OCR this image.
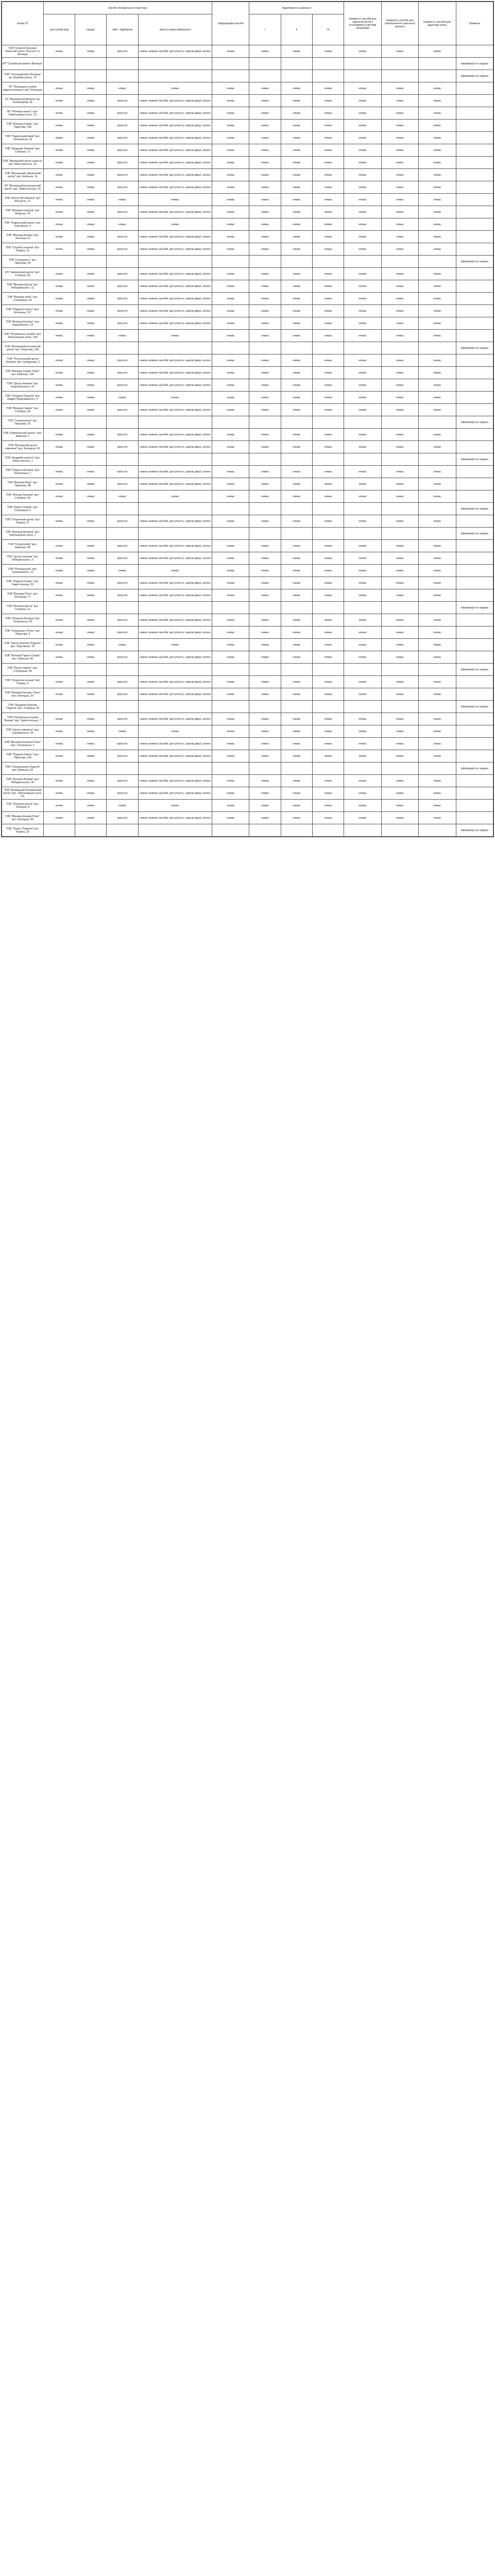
Назва ЗГ	Засоби безбар'єрного простору				Інформаційні засоби	Адаптивність навчання			Наявність засобів для навчання дітей з особливими освітніми потребами	Наявність засобів для забезпечення освітнього процесу	Наявність засобів для адаптації класу	Примітки
	доступний вхід	пандус	ліфт / підйомник	пристосована вбиральня		І	ІІ	ІІІ				
ТОВ "Інтертех Безпека" Захисний салон "Бастіон" м. Вінниця	немає	немає	присутні	немає наявних засобів: доступність, широкі двері, шляхи	немає	немає	немає	немає	немає	немає	немає	
КП "Служба рятування Вінниця"												інформація не надана
ТОВ "Технокомплект Вінниця" пр. Коцюбинського, 70												інформація не надана
КП "Вінницька служба водопостачання" вул. Келецька	немає	немає	немає	немає	немає	немає	немає	немає	немає	немає	немає	
ОЗ "Вінниця рятувальна" пр. Космонавтів, 36	немає	немає	присутні	немає наявних засобів: доступність, широкі двері, шляхи	немає	немає	немає	немає	немає	немає	немає	
ВЛ "Вінниця-захист" вул. Хмельницьке шосе, 13	немає	немає	присутні	немає наявних засобів: доступність, широкі двері, шляхи	немає	немає	немає	немає	немає	немає	немає	
ТОВ "Вінниця-Сервіс" вул. Пирогова, 108	немає	немає	присутні	немає наявних засобів: доступність, широкі двері, шляхи	немає	немає	немає	немає	немає	немає	немає	
ТОВ "Подільський край" вул. Театральна, 19	немає	немає	присутні	немає наявних засобів: доступність, широкі двері, шляхи	немає	немає	немає	немає	немає	немає	немає	
ТОВ "Академія безпеки" вул. Соборна, 72	немає	немає	присутні	немає наявних засобів: доступність, широкі двері, шляхи	немає	немає	немає	немає	немає	немає	немає	
ТОВ "Вінницький центр захисту" вул. Магістратська, 15	немає	немає	присутні	немає наявних засобів: доступність, широкі двері, шляхи	немає	немає	немає	немає	немає	немає	немає	
ТОВ "Вінницький навчальний центр" вул. Київська, 14	немає	немає	присутні	немає наявних засобів: доступність, широкі двері, шляхи	немає	немає	немає	немає	немає	немає	немає	
КП "Вінницький регіональний центр" вул. Замостянська, 25	немає	немає	присутні	немає наявних засобів: доступність, широкі двері, шляхи	немає	немає	немає	немає	немає	немає	немає	
ТОВ "Агентство безпеки" вул. 600-річчя, 21	немає	немає	немає	немає	немає	немає	немає	немає	немає	немає	немає	
ТОВ "Вінниця-охорона" вул. Київська, 78	немає	немає	присутні	немає наявних засобів: доступність, широкі двері, шляхи	немає	немає	немає	немає	немає	немає	немає	
ТОВ "Подільський центр" вул. Чорновола, 4	немає	немає	немає	немає	немає	немає	немає	немає	немає	немає	немає	
ТОВ "Вінниця-Альфа" вул. Батозька, 8	немає	немає	присутні	немає наявних засобів: доступність, широкі двері, шляхи	немає	немає	немає	немає	немає	немає	немає	
ТОВ "Служба охорони" вул. Порика, 19	немає	немає	присутні	немає наявних засобів: доступність, широкі двері, шляхи	немає	немає	немає	немає	немає	немає	немає	
ТОВ "Спецзахист" вул. Пирогова, 55												інформація не надана
КП "Навчальний центр" вул. Соборна, 56	немає	немає	присутні	немає наявних засобів: доступність, широкі двері, шляхи	немає	немає	немає	немає	немає	немає	немає	
ТОВ "Вінниця-Центр" вул. Лебединського, 11	немає	немає	присутні	немає наявних засобів: доступність, широкі двері, шляхи	немає	немає	немає	немає	немає	немає	немає	
ТОВ "Безпека плюс" вул. Стрілецька, 18	немає	немає	присутні	немає наявних засобів: доступність, широкі двері, шляхи	немає	немає	немає	немає	немає	немає	немає	
ТОВ "Подолля-захист" вул. Келецька, 117	немає	немає	присутні	немає наявних засобів: доступність, широкі двері, шляхи	немає	немає	немає	немає	немає	немає	немає	
ТОВ "Вінниця-Експерт" вул. Грушевського, 13	немає	немає	присутні	немає наявних засобів: доступність, широкі двері, шляхи	немає	немає	немає	немає	немає	немає	немає	
ТОВ "Рятувальна служба" вул. Хмельницьке шосе, 145	немає	немає	немає	немає	немає	немає	немає	немає	немає	немає	немає	
ТОВ "Вінницький експертний центр" вул. Пирогова, 135												інформація не надана
ТОВ "Регіональний центр безпеки" вул. Свердлова, 3	немає	немає	присутні	немає наявних засобів: доступність, широкі двері, шляхи	немає	немає	немає	немає	немає	немає	немає	
ТОВ "Вінниця-Сервіс-Плюс" вул. Київська, 136	немає	немає	присутні	немає наявних засобів: доступність, широкі двері, шляхи	немає	немає	немає	немає	немає	немає	немає	
ТОВ "Центр безпеки" вул. Коцюбинського, 32	немає	немає	присутні	немає наявних засобів: доступність, широкі двері, шляхи	немає	немає	немає	немає	немає	немає	немає	
ТОВ "Охорона Поділля" вул. Андрія Первозванного, 9	немає	немає	немає	немає	немає	немає	немає	немає	немає	немає	немає	
ТОВ "Вінниця-Гарант" вул. Соборна, 44	немає	немає	присутні	немає наявних засобів: доступність, широкі двері, шляхи	немає	немає	немає	немає	немає	немає	немає	
ТОВ "Спецохорона" вул. Пирогова, 62												інформація не надана
ТОВ "Комплексний захист" вул. Київська, 2	немає	немає	присутні	немає наявних засобів: доступність, широкі двері, шляхи	немає	немає	немає	немає	немає	немає	немає	
ТОВ "Вінницький центр навчання" вул. Келецька, 61	немає	немає	присутні	немає наявних засобів: доступність, широкі двері, шляхи	немає	немає	немає	немає	немає	немає	немає	
ТОВ "Академія захисту" вул. Замостянська, 1												інформація не надана
ТОВ "Поділля-безпека" вул. Театральна, 7	немає	немає	присутні	немає наявних засобів: доступність, широкі двері, шляхи	немає	немає	немає	немає	немає	немає	немає	
ТОВ "Вінниця-Форт" вул. Пирогова, 88	немає	немає	присутні	немає наявних засобів: доступність, широкі двері, шляхи	немає	немає	немає	немає	немає	немає	немає	
ТОВ "Агенція безпеки" вул. Соборна, 90	немає	немає	немає	немає	немає	немає	немає	немає	немає	немає	немає	
ТОВ "Захист-Сервіс" вул. Стрілецька, 3												інформація не надана
ТОВ "Охоронний центр" вул. Порика, 27	немає	немає	присутні	немає наявних засобів: доступність, широкі двері, шляхи	немає	немає	немає	немає	немає	немає	немає	
ТОВ "Вінниця-Безпека" вул. Хмельницьке шосе, 2												інформація не надана
ТОВ "Спецслужба" вул. Київська, 48	немає	немає	присутні	немає наявних засобів: доступність, широкі двері, шляхи	немає	немає	немає	немає	немає	немає	немає	
ТОВ "Центр охорони" вул. Лебединського, 5	немає	немає	присутні	немає наявних засобів: доступність, широкі двері, шляхи	немає	немає	немає	немає	немає	немає	немає	
ТОВ "Рятувальник" вул. Грушевського, 22	немає	немає	немає	немає	немає	немає	немає	немає	немає	немає	немає	
ТОВ "Поділля-Сервіс" вул. Замостянська, 30	немає	немає	присутні	немає наявних засобів: доступність, широкі двері, шляхи	немає	немає	немає	немає	немає	немає	немає	
ТОВ "Вінниця-Плюс" вул. Келецька, 77	немає	немає	присутні	немає наявних засобів: доступність, широкі двері, шляхи	немає	немає	немає	немає	немає	немає	немає	
ТОВ "Безпека-Центр" вул. Соборна, 12												інформація не надана
ТОВ "Охорона-Вінниця" вул. Театральна, 40	немає	немає	присутні	немає наявних засобів: доступність, широкі двері, шляхи	немає	немає	немає	немає	немає	немає	немає	
ТОВ "Спецзахист-Плюс" вул. Пирогова, 9	немає	немає	присутні	немає наявних засобів: доступність, широкі двері, шляхи	немає	немає	немає	немає	немає	немає	немає	
ТОВ "Центр безпеки Поділля" вул. Чорновола, 18	немає	немає	немає	немає	немає	немає	немає	немає	немає	немає	немає	
ТОВ "Вінниця-Гарант-Сервіс" вул. Київська, 99	немає	немає	присутні	немає наявних засобів: доступність, широкі двері, шляхи	немає	немає	немає	немає	немає	немає	немає	
ТОВ "Регіон-Захист" вул. Стрілецька, 44												інформація не надана
ТОВ "Охоронна агенція" вул. Порика, 6	немає	немає	присутні	немає наявних засобів: доступність, широкі двері, шляхи	немає	немає	немає	немає	немає	немає	немає	
ТОВ "Вінниця-Експерт-Плюс" вул. Келецька, 20	немає	немає	присутні	немає наявних засобів: доступність, широкі двері, шляхи	немає	немає	немає	немає	немає	немає	немає	
ТОВ "Академія безпеки Поділля" вул. Соборна, 28												інформація не надана
ТОВ "Рятувальна служба Вінниці" вул. Замостянська, 7	немає	немає	присутні	немає наявних засобів: доступність, широкі двері, шляхи	немає	немає	немає	немає	немає	немає	немає	
ТОВ "Центр навчання" вул. Грушевського, 50	немає	немає	немає	немає	немає	немає	немає	немає	немає	немає	немає	
ТОВ "Вінниця-Охорона-Плюс" вул. Театральна, 3	немає	немає	присутні	немає наявних засобів: доступність, широкі двері, шляхи	немає	немає	немає	немає	немає	немає	немає	
ТОВ "Поділля-Захист" вул. Пирогова, 140	немає	немає	присутні	немає наявних засобів: доступність, широкі двері, шляхи	немає	немає	немає	немає	немає	немає	немає	
ТОВ "Спецохорона Поділля" вул. Київська, 63												інформація не надана
ТОВ "Безпека Вінниці" вул. Лебединського, 40	немає	немає	присутні	немає наявних засобів: доступність, широкі двері, шляхи	немає	немає	немає	немає	немає	немає	немає	
ТОВ "Вінницький рятувальний центр" вул. Хмельницьке шосе, 60	немає	немає	присутні	немає наявних засобів: доступність, широкі двері, шляхи	немає	немає	немає	немає	немає	немає	немає	
ТОВ "Охорона-Центр" вул. Соборна, 5	немає	немає	немає	немає	немає	немає	немає	немає	немає	немає	немає	
ТОВ "Вінниця-Альфа-Плюс" вул. Келецька, 88	немає	немає	присутні	немає наявних засобів: доступність, широкі двері, шляхи	немає	немає	немає	немає	немає	немає	немає	
ТОВ "Захист Поділля" вул. Порика, 33												інформація не надана
